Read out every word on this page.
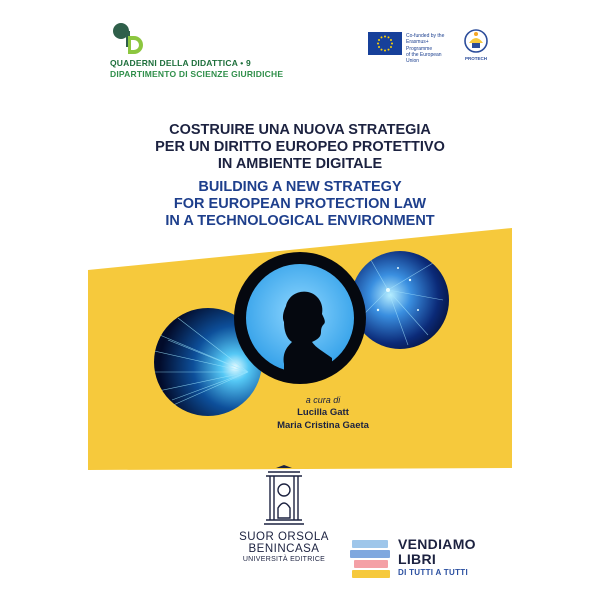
QUADERNI DELLA DIDATTICA • 9
DIPARTIMENTO DI SCIENZE GIURIDICHE
Co-funded by the
Erasmus+ Programme
of the European Union	PROTECH
COSTRUIRE UNA NUOVA STRATEGIA
PER UN DIRITTO EUROPEO PROTETTIVO
IN AMBIENTE DIGITALE
BUILDING A NEW STRATEGY
FOR EUROPEAN PROTECTION LAW
IN A TECHNOLOGICAL ENVIRONMENT
a cura di
Lucilla Gatt
Maria Cristina Gaeta
SUOR ORSOLA
BENINCASA
UNIVERSITÀ EDITRICE
VENDIAMO
LIBRI
DI TUTTI A TUTTI
